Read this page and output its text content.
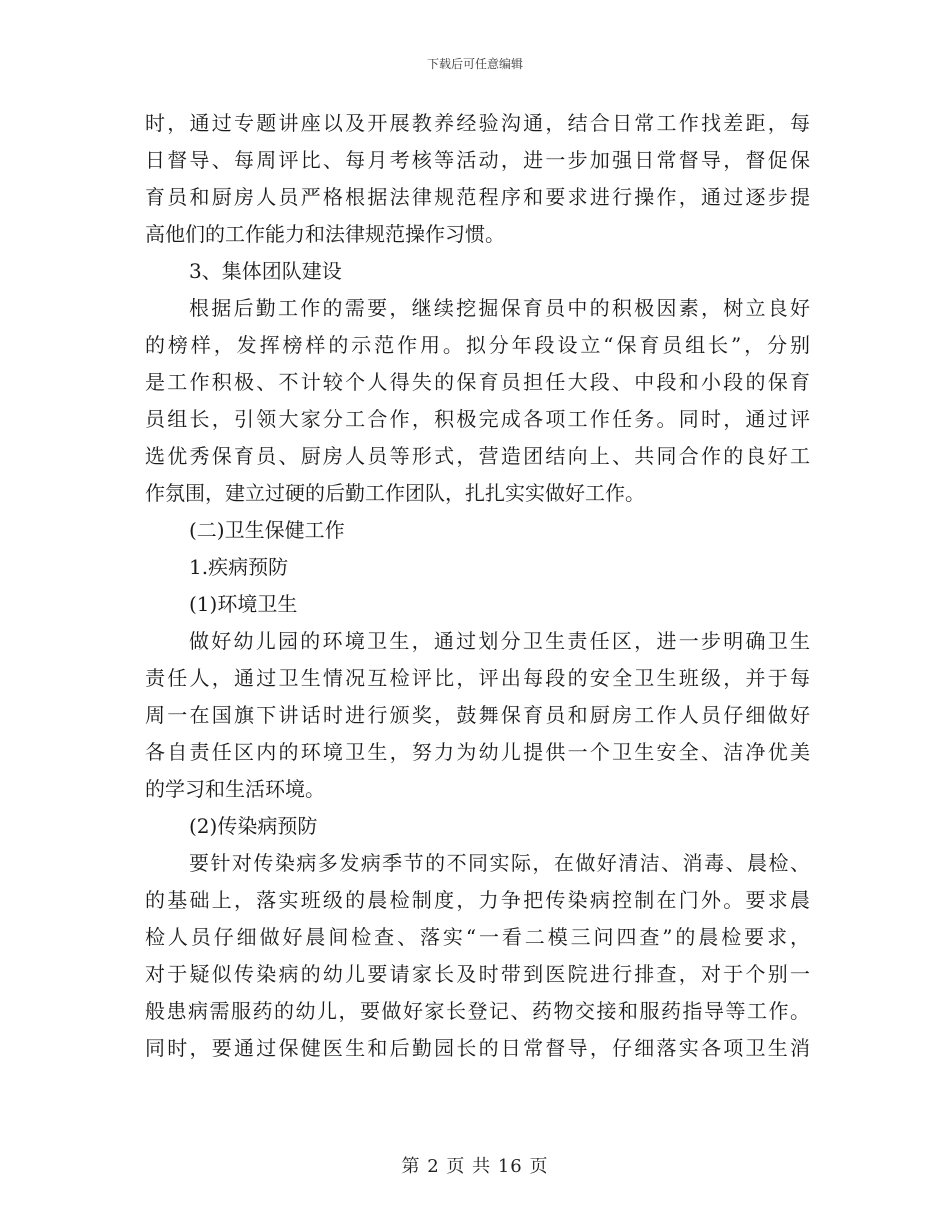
下载后可任意编辑
时，通过专题讲座以及开展教养经验沟通，结合日常工作找差距，每
日督导、每周评比、每月考核等活动，进一步加强日常督导，督促保
育员和厨房人员严格根据法律规范程序和要求进行操作，通过逐步提
高他们的工作能力和法律规范操作习惯。
3、集体团队建设
根据后勤工作的需要，继续挖掘保育员中的积极因素，树立良好
的榜样，发挥榜样的示范作用。拟分年段设立“保育员组长”，分别
是工作积极、不计较个人得失的保育员担任大段、中段和小段的保育
员组长，引领大家分工合作，积极完成各项工作任务。同时，通过评
选优秀保育员、厨房人员等形式，营造团结向上、共同合作的良好工
作氛围，建立过硬的后勤工作团队，扎扎实实做好工作。
(二)卫生保健工作
1.疾病预防
(1)环境卫生
做好幼儿园的环境卫生，通过划分卫生责任区，进一步明确卫生
责任人，通过卫生情况互检评比，评出每段的安全卫生班级，并于每
周一在国旗下讲话时进行颁奖，鼓舞保育员和厨房工作人员仔细做好
各自责任区内的环境卫生，努力为幼儿提供一个卫生安全、洁净优美
的学习和生活环境。
(2)传染病预防
要针对传染病多发病季节的不同实际，在做好清洁、消毒、晨检、
的基础上，落实班级的晨检制度，力争把传染病控制在门外。要求晨
检人员仔细做好晨间检查、落实“一看二模三问四查”的晨检要求，
对于疑似传染病的幼儿要请家长及时带到医院进行排查，对于个别一
般患病需服药的幼儿，要做好家长登记、药物交接和服药指导等工作。
同时，要通过保健医生和后勤园长的日常督导，仔细落实各项卫生消
第 2 页 共 16 页
